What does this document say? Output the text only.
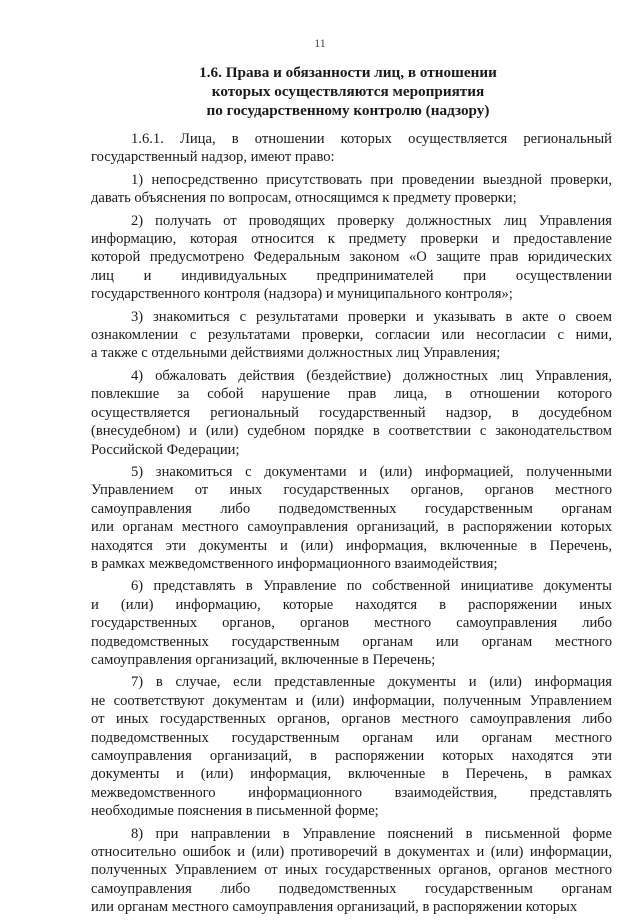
11
1.6. Права и обязанности лиц, в отношении
которых осуществляются мероприятия
по государственному контролю (надзору)
1.6.1. Лица, в отношении которых осуществляется региональный
государственный надзор, имеют право:
1) непосредственно присутствовать при проведении выездной проверки,
давать объяснения по вопросам, относящимся к предмету проверки;
2) получать от проводящих проверку должностных лиц Управления
информацию, которая относится к предмету проверки и предоставление
которой предусмотрено Федеральным законом «О защите прав юридических
лиц и индивидуальных предпринимателей при осуществлении
государственного контроля (надзора) и муниципального контроля»;
3) знакомиться с результатами проверки и указывать в акте о своем
ознакомлении с результатами проверки, согласии или несогласии с ними,
а также с отдельными действиями должностных лиц Управления;
4) обжаловать действия (бездействие) должностных лиц Управления,
повлекшие за собой нарушение прав лица, в отношении которого
осуществляется региональный государственный надзор, в досудебном
(внесудебном) и (или) судебном порядке в соответствии с законодательством
Российской Федерации;
5) знакомиться с документами и (или) информацией, полученными
Управлением от иных государственных органов, органов местного
самоуправления либо подведомственных государственным органам
или органам местного самоуправления организаций, в распоряжении которых
находятся эти документы и (или) информация, включенные в Перечень,
в рамках межведомственного информационного взаимодействия;
6) представлять в Управление по собственной инициативе документы
и (или) информацию, которые находятся в распоряжении иных
государственных органов, органов местного самоуправления либо
подведомственных государственным органам или органам местного
самоуправления организаций, включенные в Перечень;
7) в случае, если представленные документы и (или) информация
не соответствуют документам и (или) информации, полученным Управлением
от иных государственных органов, органов местного самоуправления либо
подведомственных государственным органам или органам местного
самоуправления организаций, в распоряжении которых находятся эти
документы и (или) информация, включенные в Перечень, в рамках
межведомственного информационного взаимодействия, представлять
необходимые пояснения в письменной форме;
8) при направлении в Управление пояснений в письменной форме
относительно ошибок и (или) противоречий в документах и (или) информации,
полученных Управлением от иных государственных органов, органов местного
самоуправления либо подведомственных государственным органам
или органам местного самоуправления организаций, в распоряжении которых
